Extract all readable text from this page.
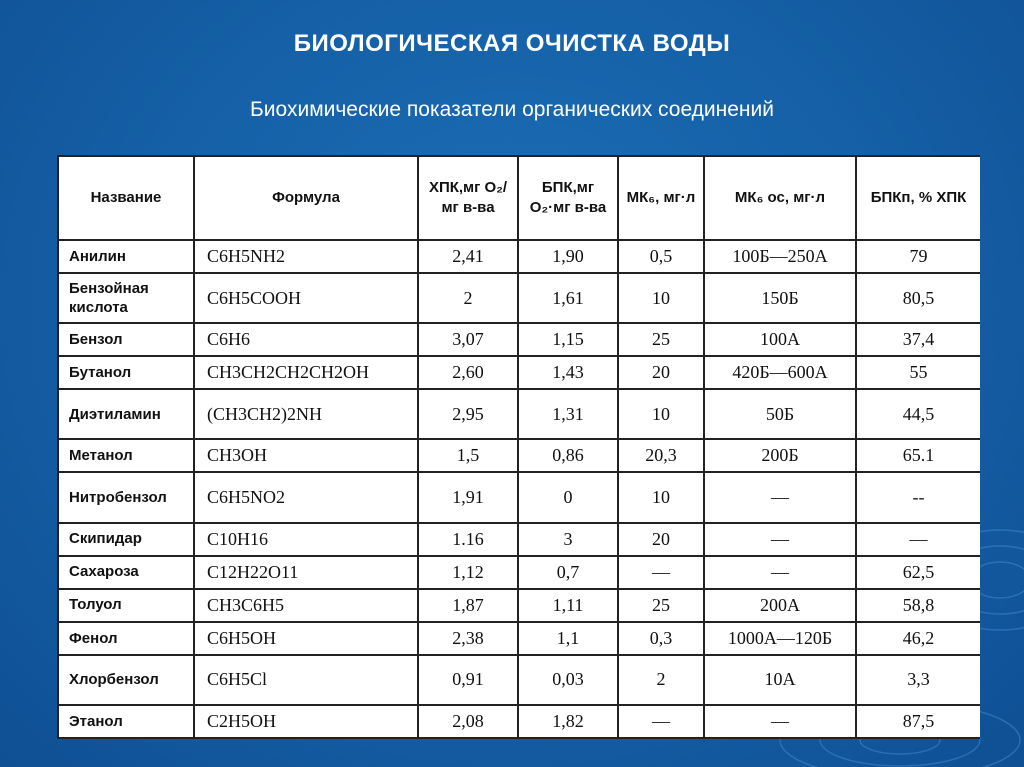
БИОЛОГИЧЕСКАЯ ОЧИСТКА ВОДЫ
Биохимические показатели органических соединений
Название	Формула	ХПК,мг О₂/мг в-ва	БПК,мг О₂·мг в-ва	МК₆, мг·л	МК₆ ос, мг·л	БПКп, % ХПК
Анилин	C6H5NH2	2,41	1,90	0,5	100Б—250А	79
Бензойная кислота	C6H5COOH	2	1,61	10	150Б	80,5
Бензол	C6H6	3,07	1,15	25	100А	37,4
Бутанол	CH3CH2CH2CH2OH	2,60	1,43	20	420Б—600А	55
Диэтиламин	(CH3CH2)2NH	2,95	1,31	10	50Б	44,5
Метанол	CH3OH	1,5	0,86	20,3	200Б	65.1
Нитробензол	C6H5NO2	1,91	0	10	—	--
Скипидар	C10H16	1.16	3	20	—	—
Сахароза	C12H22O11	1,12	0,7	—	—	62,5
Толуол	CH3C6H5	1,87	1,11	25	200А	58,8
Фенол	C6H5OH	2,38	1,1	0,3	1000А—120Б	46,2
Хлорбензол	C6H5Cl	0,91	0,03	2	10А	3,3
Этанол	C2H5OH	2,08	1,82	—	—	87,5
